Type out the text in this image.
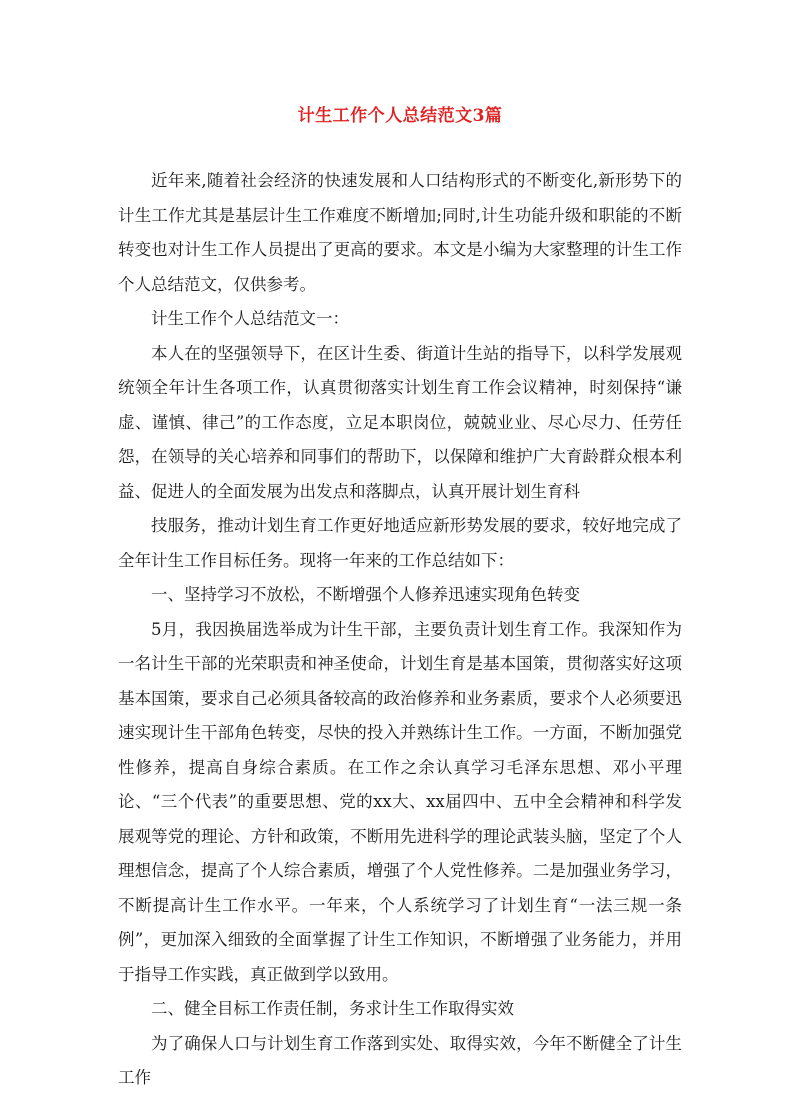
计生工作个人总结范文3篇

近年来,随着社会经济的快速发展和人口结构形式的不断变化,新形势下的计生工作尤其是基层计生工作难度不断增加;同时,计生功能升级和职能的不断转变也对计生工作人员提出了更高的要求。本文是小编为大家整理的计生工作个人总结范文，仅供参考。

计生工作个人总结范文一：

本人在的坚强领导下，在区计生委、街道计生站的指导下，以科学发展观统领全年计生各项工作，认真贯彻落实计划生育工作会议精神，时刻保持“谦虚、谨慎、律己”的工作态度，立足本职岗位，兢兢业业、尽心尽力、任劳任怨，在领导的关心培养和同事们的帮助下，以保障和维护广大育龄群众根本利益、促进人的全面发展为出发点和落脚点，认真开展计划生育科

技服务，推动计划生育工作更好地适应新形势发展的要求，较好地完成了全年计生工作目标任务。现将一年来的工作总结如下：

一、坚持学习不放松，不断增强个人修养迅速实现角色转变

5月，我因换届选举成为计生干部，主要负责计划生育工作。我深知作为一名计生干部的光荣职责和神圣使命，计划生育是基本国策，贯彻落实好这项基本国策，要求自己必须具备较高的政治修养和业务素质，要求个人必须要迅速实现计生干部角色转变，尽快的投入并熟练计生工作。一方面，不断加强党性修养，提高自身综合素质。在工作之余认真学习毛泽东思想、邓小平理论、“三个代表”的重要思想、党的xx大、xx届四中、五中全会精神和科学发展观等党的理论、方针和政策，不断用先进科学的理论武装头脑，坚定了个人理想信念，提高了个人综合素质，增强了个人党性修养。二是加强业务学习，不断提高计生工作水平。一年来，个人系统学习了计划生育“一法三规一条例”，更加深入细致的全面掌握了计生工作知识，不断增强了业务能力，并用于指导工作实践，真正做到学以致用。

二、健全目标工作责任制，务求计生工作取得实效

为了确保人口与计划生育工作落到实处、取得实效，今年不断健全了计生工作
